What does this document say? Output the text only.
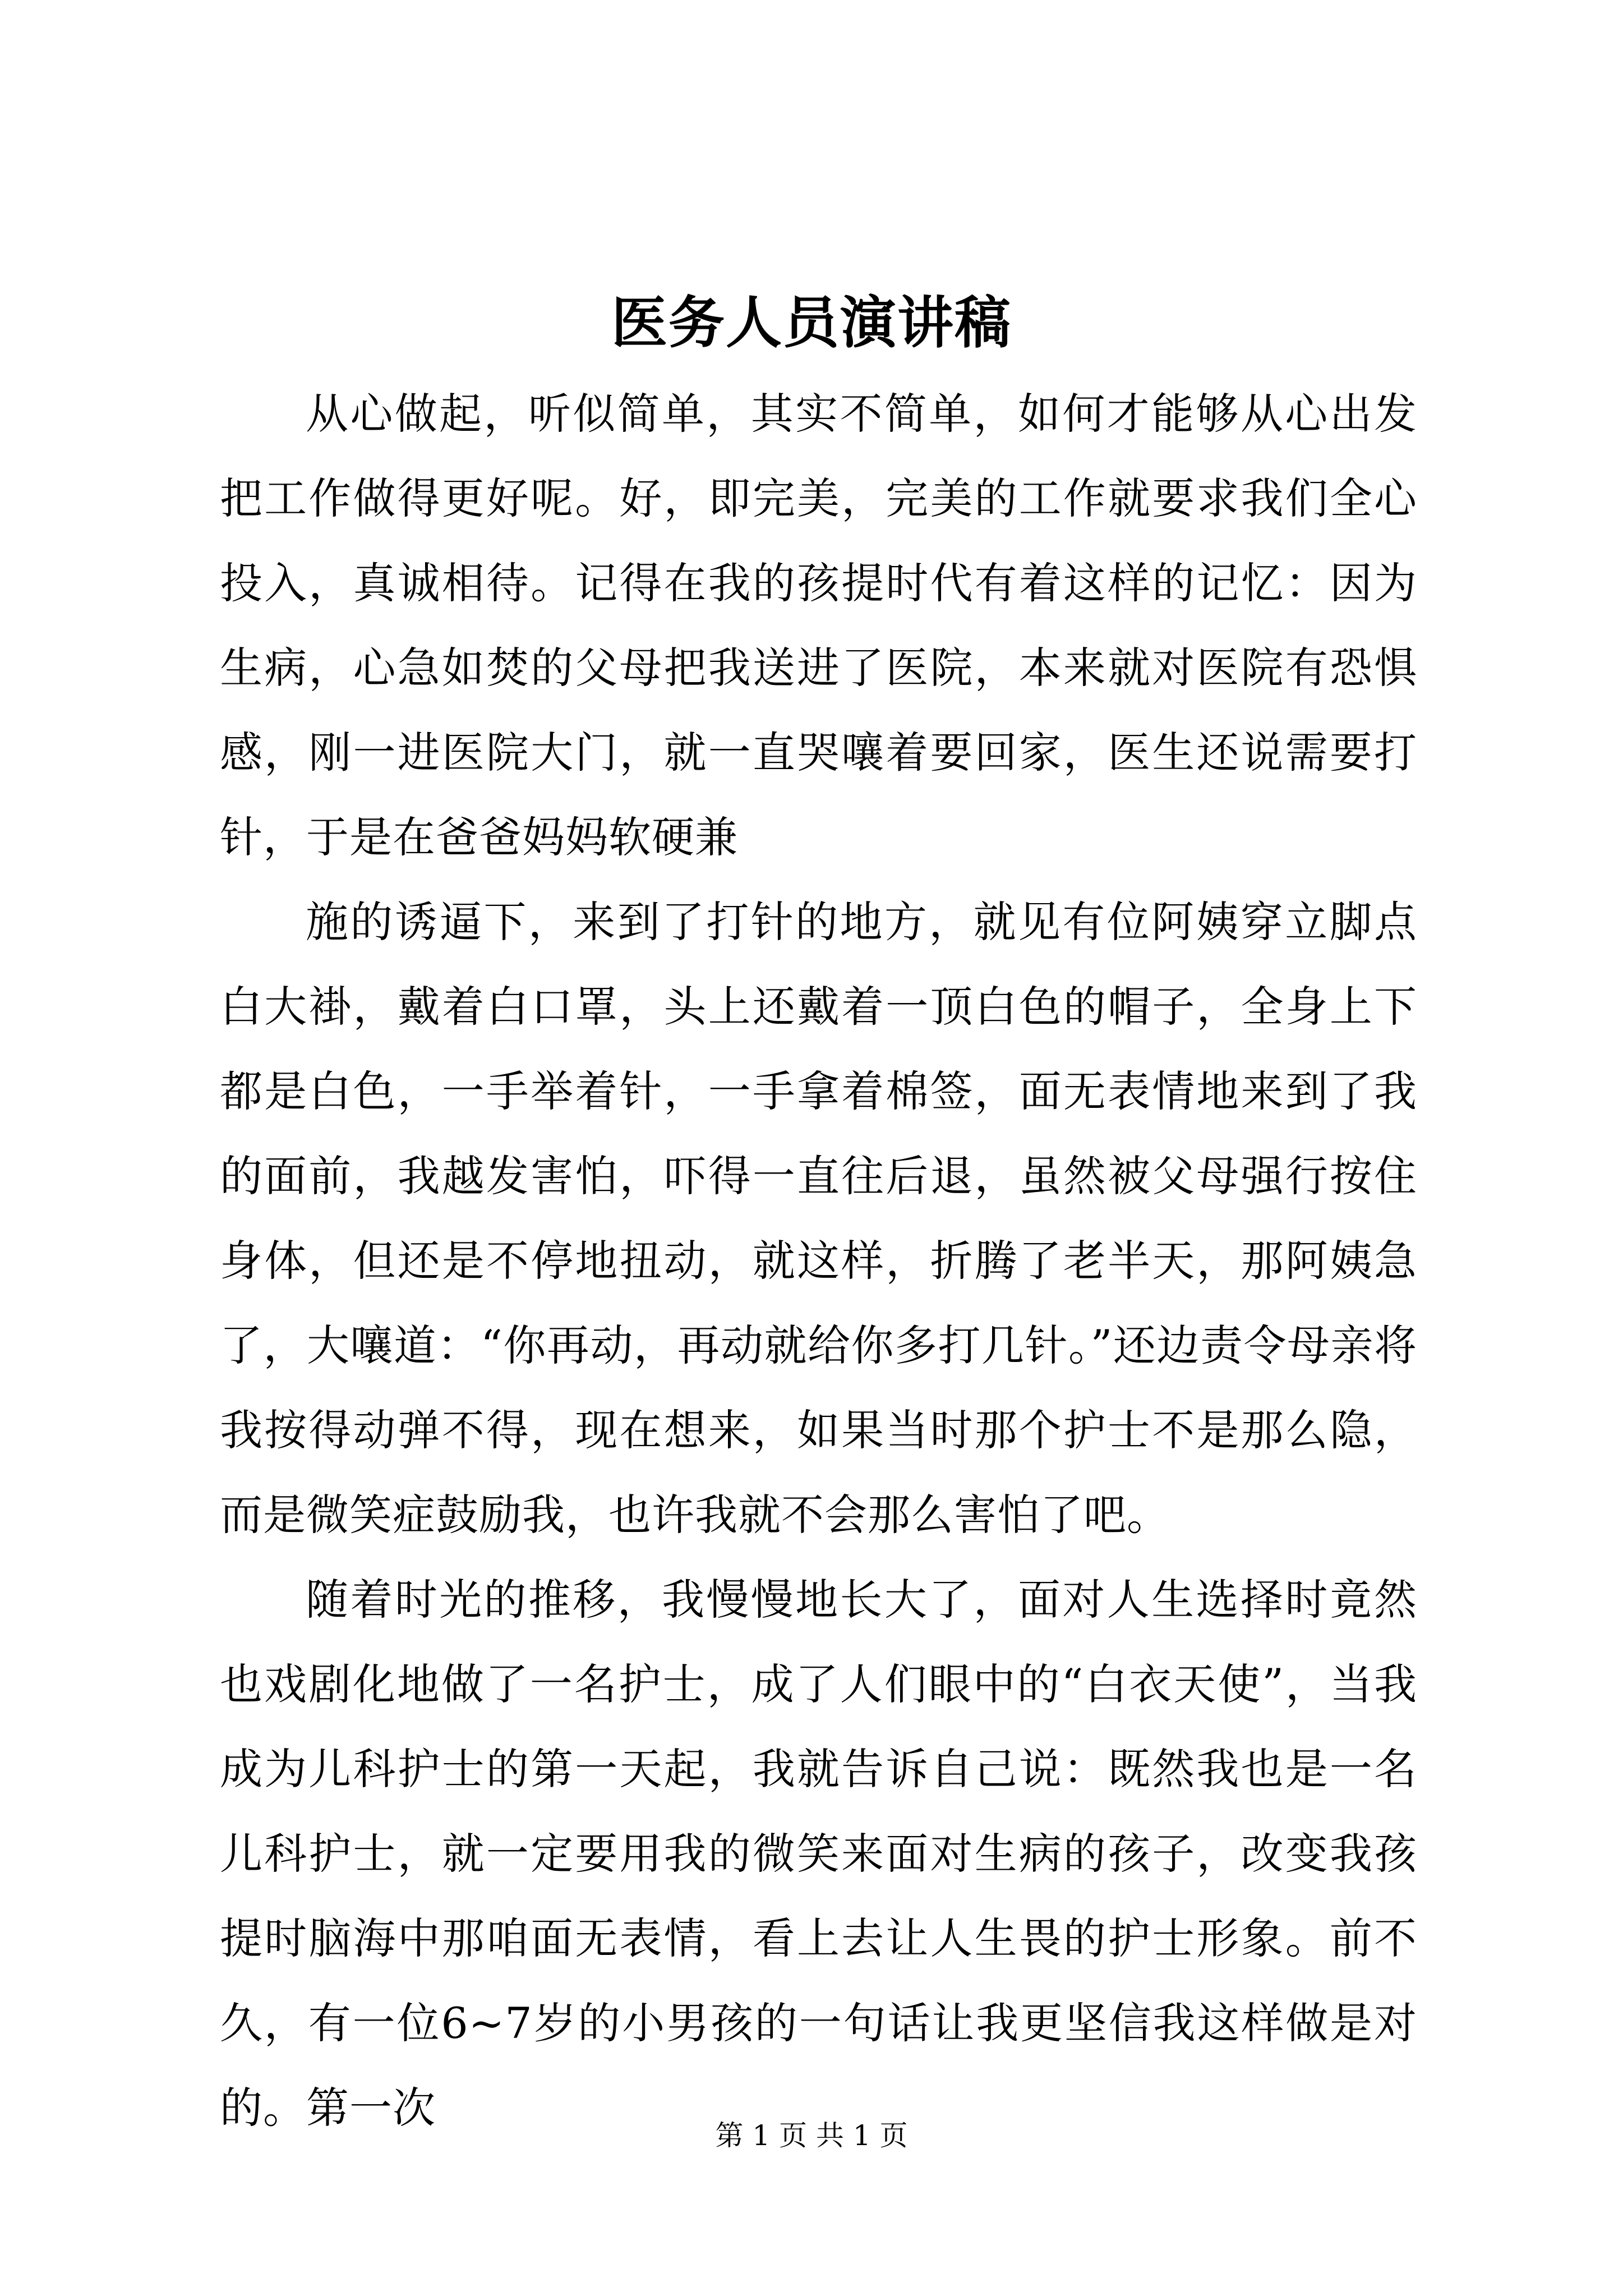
医务人员演讲稿

从心做起，听似简单，其实不简单，如何才能够从心出发把工作做得更好呢。好，即完美，完美的工作就要求我们全心投入，真诚相待。记得在我的孩提时代有着这样的记忆：因为生病，心急如焚的父母把我送进了医院，本来就对医院有恐惧感，刚一进医院大门，就一直哭嚷着要回家，医生还说需要打针，于是在爸爸妈妈软硬兼

施的诱逼下，来到了打针的地方，就见有位阿姨穿立脚点白大褂，戴着白口罩，头上还戴着一顶白色的帽子，全身上下都是白色，一手举着针，一手拿着棉签，面无表情地来到了我的面前，我越发害怕，吓得一直往后退，虽然被父母强行按住身体，但还是不停地扭动，就这样，折腾了老半天，那阿姨急了，大嚷道：“你再动，再动就给你多打几针。”还边责令母亲将我按得动弹不得，现在想来，如果当时那个护士不是那么隐，而是微笑症鼓励我，也许我就不会那么害怕了吧。

随着时光的推移，我慢慢地长大了，面对人生选择时竟然也戏剧化地做了一名护士，成了人们眼中的“白衣天使”，当我成为儿科护士的第一天起，我就告诉自己说：既然我也是一名儿科护士，就一定要用我的微笑来面对生病的孩子，改变我孩提时脑海中那咱面无表情，看上去让人生畏的护士形象。前不久，有一位6~7岁的小男孩的一句话让我更坚信我这样做是对的。第一次

第 1 页 共 1 页
